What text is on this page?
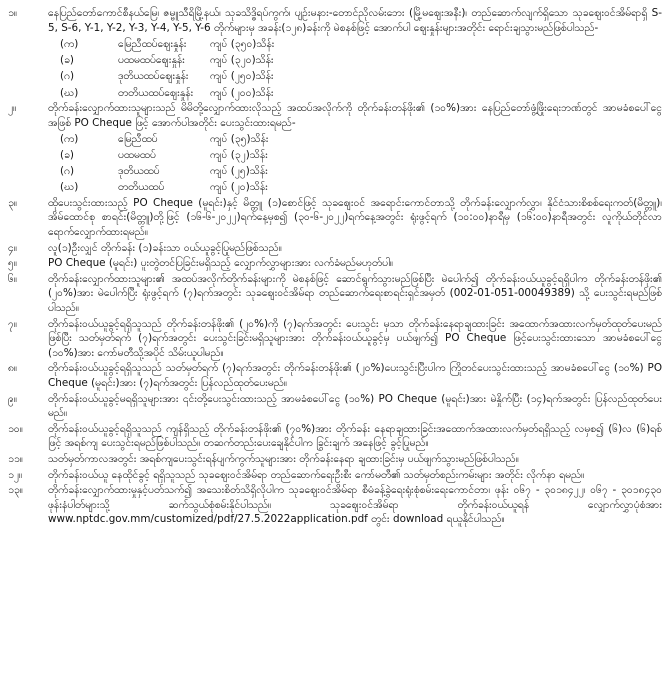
၁။	နေပြည်တော်ကောင်စီနယ်မြေ၊ ဇမ္ဗူသီရိမြို့နယ်၊ သုခသိဒ္ဓိရပ်ကွက်၊ ပျဉ်းမနား-တောင်ညိုလမ်းဘေး (မြို့မဈေးအနီး)၊ တည်ဆောက်လျက်ရှိသော သုခဈေးဝင်အိမ်ရာရှိ S-5, S-6, Y-1, Y-2, Y-3, Y-4, Y-5, Y-6 တိုက်များမှ အခန်း(၁၂၈)ခန်းကို မဲစနစ်ဖြင့် အောက်ပါ ဈေးနှုန်းများအတိုင်း ရောင်းချသွားမည်ဖြစ်ပါသည်-
(က)	မြေညီထပ်ဈေးနှုန်း	ကျပ် (၃၅၀)သိန်း
(ခ)	ပထမထပ်ဈေးနှုန်း	ကျပ် (၃၂၀)သိန်း
(ဂ)	ဒုတိယထပ်ဈေးနှုန်း	ကျပ် (၂၅၀)သိန်း
(ဃ)	တတိယထပ်ဈေးနှုန်း	ကျပ် (၂၀၀)သိန်း
၂။	တိုက်ခန်းလျှောက်ထားသူများသည် မိမိတို့လျှောက်ထားလိုသည့် အထပ်အလိုက်ကို တိုက်ခန်းတန်ဖိုး၏ (၁၀%)အား နေပြည်တော်ဖွံ့ဖြိုးရေးဘဏ်တွင် အာမခံစပေါ်ငွေအဖြစ် PO Cheque ဖြင့် အောက်ပါအတိုင်း ပေးသွင်းထားရမည်-
(က)	မြေညီထပ်	ကျပ် (၃၅)သိန်း
(ခ)	ပထမထပ်	ကျပ် (၃၂)သိန်း
(ဂ)	ဒုတိယထပ်	ကျပ် (၂၅)သိန်း
(ဃ)	တတိယထပ်	ကျပ် (၂၀)သိန်း
၃။	ထိုပေးသွင်းထားသည့် PO Cheque (မူရင်း)နှင့် မိတ္တူ (၁)စောင်ဖြင့် သုခဈေးဝင် အရောင်းကောင်တာသို့ တိုက်ခန်းလျှောက်လွှာ၊ နိုင်ငံသားစိစစ်ရေးကတ်(မိတ္တူ)၊ အိမ်ထောင်စု စာရင်း(မိတ္တူ)တို့ဖြင့် (၁၆-၆-၂၀၂၂)ရက်နေ့မှစ၍ (၃၀-၆-၂၀၂၂)ရက်နေ့အတွင်း ရုံးဖွင့်ရက် (၁၀:၀၀)နာရီမှ (၁၆:၀၀)နာရီအတွင်း လူကိုယ်တိုင်လာရောက်လျှောက်ထားရမည်။
၄။	လူ(၁)ဦးလျှင် တိုက်ခန်း (၁)ခန်းသာ ဝယ်ယူခွင့်ပြုမည်ဖြစ်သည်။
၅။	PO Cheque (မူရင်း) ပူးတွဲတင်ပြခြင်းမရှိသည့် လျှောက်လွှာများအား လက်ခံမည်မဟုတ်ပါ။
၆။	တိုက်ခန်းလျှောက်ထားသူများ၏ အထပ်အလိုက်တိုက်ခန်းများကို မဲစနစ်ဖြင့် ဆောင်ရွက်သွားမည်ဖြစ်ပြီး မဲပေါက်၍ တိုက်ခန်းဝယ်ယူခွင့်ရရှိပါက တိုက်ခန်းတန်ဖိုး၏ (၂၀%)အား မဲပေါက်ပြီး ရုံးဖွင့်ရက် (၇)ရက်အတွင်း သုခဈေးဝင်အိမ်ရာ တည်ဆောက်ရေးစာရင်းရှင်အမှတ် (002-01-051-00049389) သို့ ပေးသွင်းရမည်ဖြစ်ပါသည်။
၇။	တိုက်ခန်းဝယ်ယူခွင့်ရရှိသူသည် တိုက်ခန်းတန်ဖိုး၏ (၂၀%)ကို (၇)ရက်အတွင်း ပေးသွင်း မှသာ တိုက်ခန်းနေရာချထားခြင်း အထောက်အထားလက်မှတ်ထုတ်ပေးမည်ဖြစ်ပြီး သတ်မှတ်ရက် (၇)ရက်အတွင်း ပေးသွင်းခြင်းမရှိသူများအား တိုက်ခန်းဝယ်ယူခွင့်မှ ပယ်ဖျက်၍ PO Cheque ဖြင့်ပေးသွင်းထားသော အာမခံစပေါ်ငွေ (၁၀%)အား ကော်မတီသို့အပိုင် သိမ်းယူပါမည်။
၈။	တိုက်ခန်းဝယ်ယူခွင့်ရရှိသူသည် သတ်မှတ်ရက် (၇)ရက်အတွင်း တိုက်ခန်းတန်ဖိုး၏ (၂၀%)ပေးသွင်းပြီးပါက ကြိုတင်ပေးသွင်းထားသည့် အာမခံစပေါ်ငွေ (၁၀%) PO Cheque (မူရင်း)အား (၇)ရက်အတွင်း ပြန်လည်ထုတ်ပေးမည်။
၉။	တိုက်ခန်းဝယ်ယူခွင့်မရရှိသူများအား ၎င်းတို့ပေးသွင်းထားသည့် အာမခံစပေါ်ငွေ (၁၀%) PO Cheque (မူရင်း)အား မဲနှိုက်ပြီး (၁၄)ရက်အတွင်း ပြန်လည်ထုတ်ပေးမည်။
၁၀။	တိုက်ခန်းဝယ်ယူခွင့်ရရှိသူသည် ကျန်ရှိသည့် တိုက်ခန်းတန်ဖိုး၏ (၇၀%)အား တိုက်ခန်း နေရာချထားခြင်းအထောက်အထားလက်မှတ်ရရှိသည့် လမှစ၍ (၆)လ (၆)ရစ်ဖြင့် အရစ်ကျ ပေးသွင်းရမည်ဖြစ်ပါသည်။ တဆက်တည်းပေးချေနိုင်ပါက ခြွင်းချက် အနေဖြင့် ခွင့်ပြုမည်။
၁၁။	သတ်မှတ်ကာလအတွင်း အရစ်ကျပေးသွင်းရန်ပျက်ကွက်သူများအား တိုက်ခန်းနေရာ ချထားခြင်းမှ ပယ်ဖျက်သွားမည်ဖြစ်ပါသည်။
၁၂။	တိုက်ခန်းဝယ်ယူ နေထိုင်ခွင့် ရရှိသူသည် သုခဈေးဝင်အိမ်ရာ တည်ဆောက်ရေးဦးစီး ကော်မတီ၏ သတ်မှတ်စည်းကမ်းများ အတိုင်း လိုက်နာ ရမည်။
၁၃။	တိုက်ခန်းလျှောက်ထားမှုနှင့်ပတ်သက်၍ အသေးစိတ်သိရှိလိုပါက သုခဈေးဝင်အိမ်ရာ စီမံခန့်ခွဲရေးရုံးစုံစမ်းရေးကောင်တာ၊ ဖုန်း ၀၆၇ - ၃၀၁၈၄၂၂၊ ၀၆၇ - ၃၀၁၈၄၃၀ ဖုန်းနံပါတ်များသို့ ဆက်သွယ်စုံစမ်းနိုင်ပါသည်။ သုခဈေးဝင်အိမ်ရာ တိုက်ခန်းဝယ်ယူရန် လျှောက်လွှာပုံစံအား www.nptdc.gov.mm/customized/pdf/27.5.2022application.pdf တွင်း download ရယူနိုင်ပါသည်။
